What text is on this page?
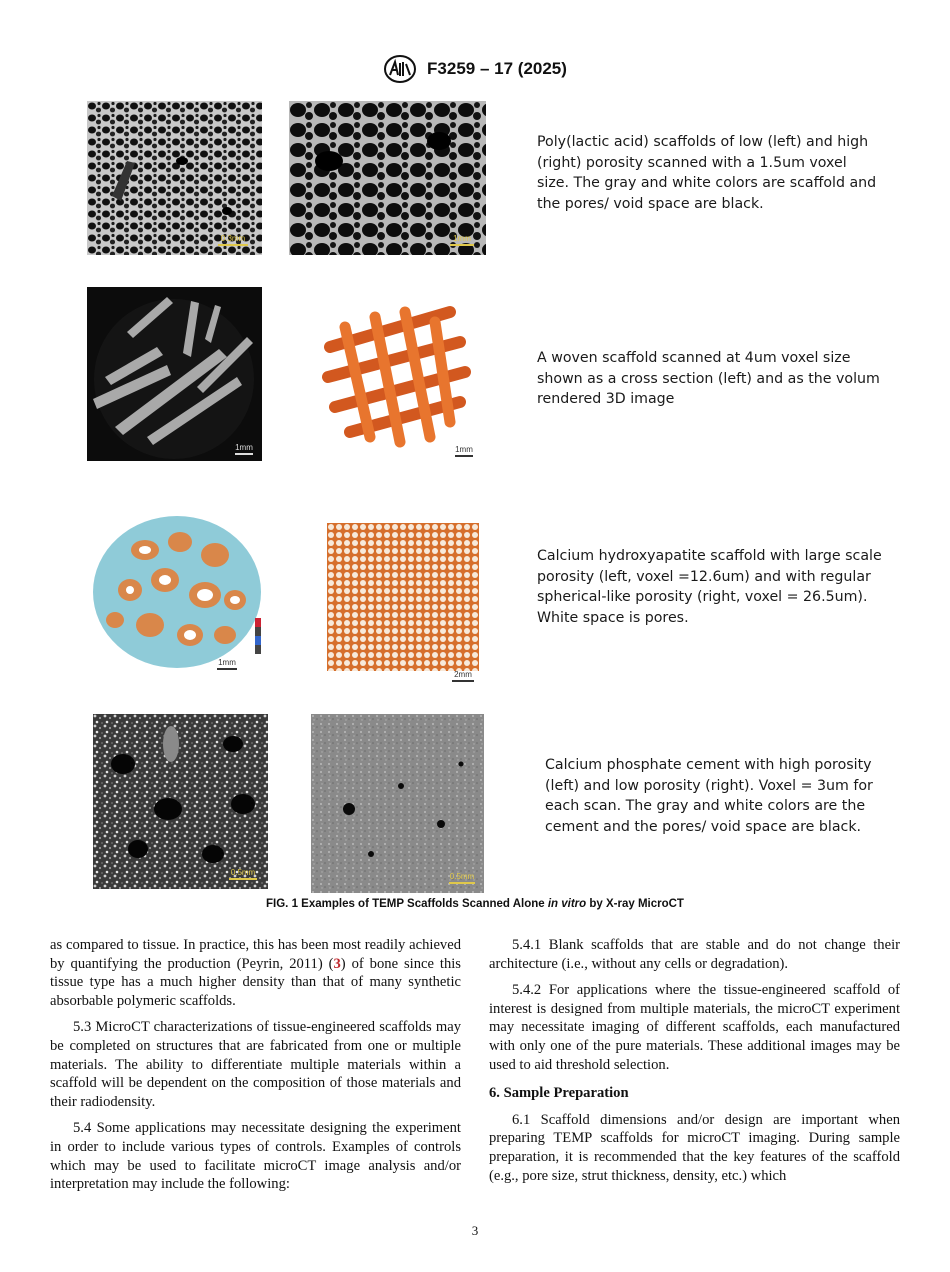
F3259 – 17 (2025)
0.3mm	1mm
Poly(lactic acid) scaffolds of low (left) and high (right) porosity scanned with a 1.5um voxel size. The gray and white colors are scaffold and the pores/ void space are black.
1mm	1mm
A woven scaffold scanned at 4um voxel size shown as a cross section (left) and as the volum rendered 3D image
1mm
2mm
Calcium hydroxyapatite scaffold with large scale porosity (left, voxel =12.6um) and with regular spherical-like porosity (right, voxel = 26.5um). White space is pores.
0.5mm	0.5mm
Calcium phosphate cement with high porosity (left) and low porosity (right). Voxel = 3um for each scan. The gray and white colors are the cement and the pores/ void space are black.
FIG. 1 Examples of TEMP Scaffolds Scanned Alone in vitro by X-ray MicroCT

as compared to tissue. In practice, this has been most readily achieved by quantifying the production (Peyrin, 2011) (3) of bone since this tissue type has a much higher density than that of many synthetic absorbable polymeric scaffolds.

5.3 MicroCT characterizations of tissue-engineered scaffolds may be completed on structures that are fabricated from one or multiple materials. The ability to differentiate multiple materials within a scaffold will be dependent on the composition of those materials and their radiodensity.

5.4 Some applications may necessitate designing the experiment in order to include various types of controls. Examples of controls which may be used to facilitate microCT image analysis and/or interpretation may include the following:

5.4.1 Blank scaffolds that are stable and do not change their architecture (i.e., without any cells or degradation).

5.4.2 For applications where the tissue-engineered scaffold of interest is designed from multiple materials, the microCT experiment may necessitate imaging of different scaffolds, each manufactured with only one of the pure materials. These additional images may be used to aid threshold selection.

6. Sample Preparation

6.1 Scaffold dimensions and/or design are important when preparing TEMP scaffolds for microCT imaging. During sample preparation, it is recommended that the key features of the scaffold (e.g., pore size, strut thickness, density, etc.) which

3
